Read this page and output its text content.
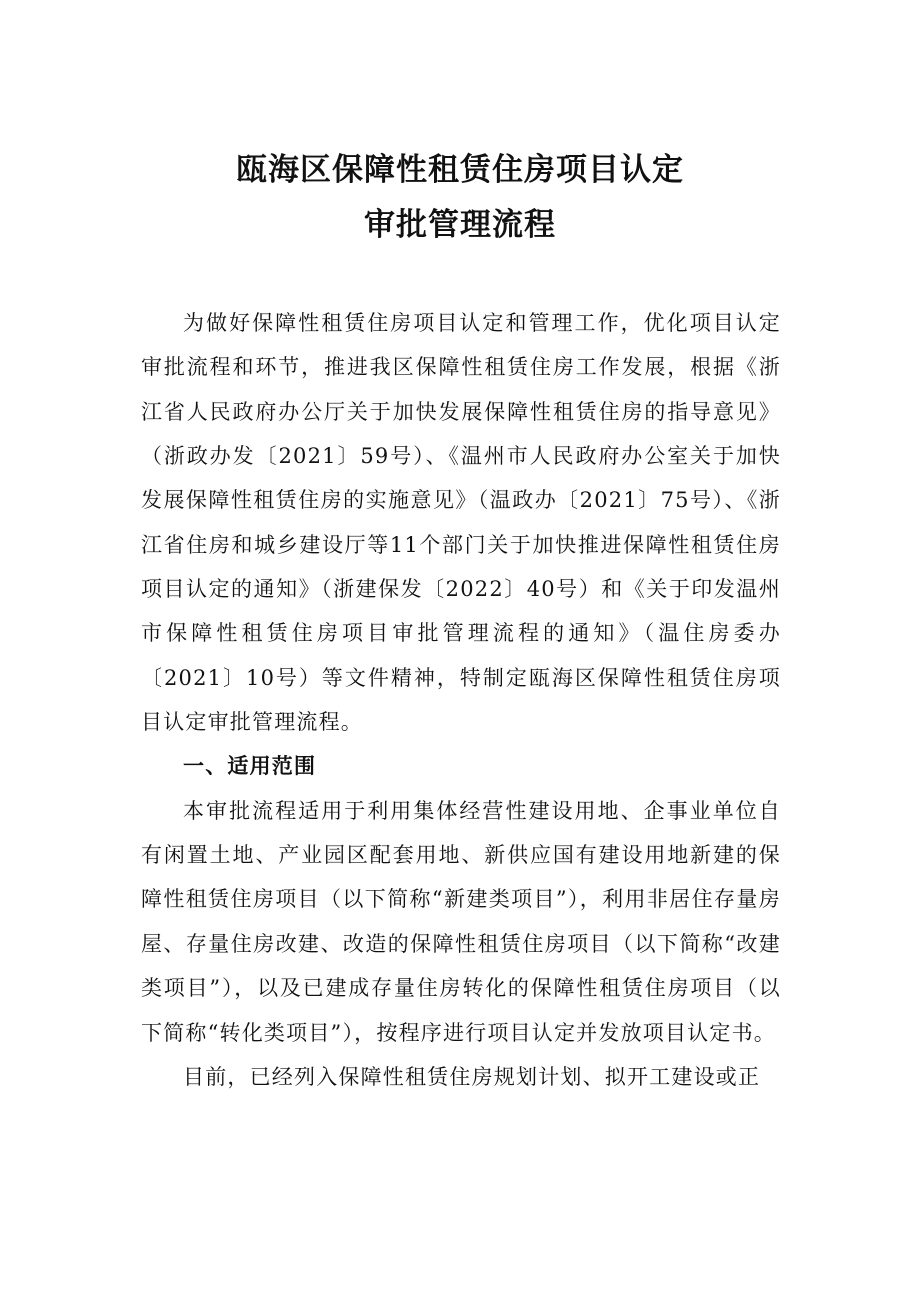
瓯海区保障性租赁住房项目认定
审批管理流程

为做好保障性租赁住房项目认定和管理工作，优化项目认定审批流程和环节，推进我区保障性租赁住房工作发展，根据《浙江省人民政府办公厅关于加快发展保障性租赁住房的指导意见》（浙政办发〔2021〕59号）、《温州市人民政府办公室关于加快发展保障性租赁住房的实施意见》（温政办〔2021〕75号）、《浙江省住房和城乡建设厅等11个部门关于加快推进保障性租赁住房项目认定的通知》（浙建保发〔2022〕40号）和《关于印发温州市保障性租赁住房项目审批管理流程的通知》（温住房委办〔2021〕10号）等文件精神，特制定瓯海区保障性租赁住房项目认定审批管理流程。

一、适用范围

本审批流程适用于利用集体经营性建设用地、企事业单位自有闲置土地、产业园区配套用地、新供应国有建设用地新建的保障性租赁住房项目（以下简称“新建类项目”），利用非居住存量房屋、存量住房改建、改造的保障性租赁住房项目（以下简称“改建类项目”），以及已建成存量住房转化的保障性租赁住房项目（以下简称“转化类项目”），按程序进行项目认定并发放项目认定书。

目前，已经列入保障性租赁住房规划计划、拟开工建设或正
